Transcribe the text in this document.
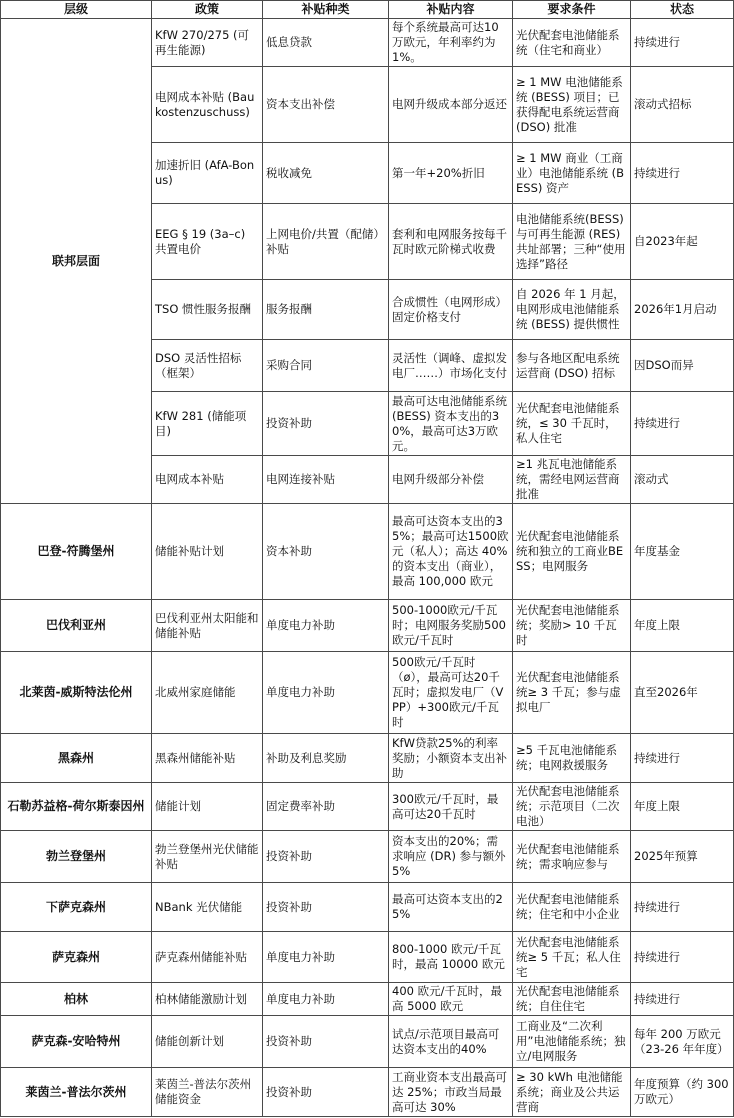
层级	政策	补贴种类	补贴内容	要求条件	状态
联邦层面	KfW 270/275 (可再生能源)	低息贷款	每个系统最高可达10万欧元，年利率约为1%。	光伏配套电池储能系统（住宅和商业）	持续进行
	电网成本补贴 (Baukostenzuschuss)	资本支出补偿	电网升级成本部分返还	≥ 1 MW 电池储能系统 (BESS) 项目；已获得配电系统运营商 (DSO) 批准	滚动式招标
	加速折旧 (AfA-Bonus)	税收减免	第一年+20%折旧	≥ 1 MW 商业（工商业）电池储能系统 (BESS) 资产	持续进行
	EEG § 19 (3a–c) 共置电价	上网电价/共置（配储）补贴	套利和电网服务按每千瓦时欧元阶梯式收费	电池储能系统(BESS) 与可再生能源 (RES) 共址部署；三种“使用选择”路径	自2023年起
	TSO 惯性服务报酬	服务报酬	合成惯性（电网形成）固定价格支付	自 2026 年 1 月起，电网形成电池储能系统 (BESS) 提供惯性	2026年1月启动
	DSO 灵活性招标（框架）	采购合同	灵活性（调峰、虚拟发电厂……）市场化支付	参与各地区配电系统运营商 (DSO) 招标	因DSO而异
	KfW 281 (储能项目)	投资补助	最高可达电池储能系统 (BESS) 资本支出的30%，最高可达3万欧元。	光伏配套电池储能系统，≤ 30 千瓦时，私人住宅	持续进行
	电网成本补贴	电网连接补贴	电网升级部分补偿	≥1 兆瓦电池储能系统，需经电网运营商批准	滚动式
巴登-符腾堡州	储能补贴计划	资本补助	最高可达资本支出的35%；最高可达1500欧元（私人）；高达 40% 的资本支出（商业），最高 100,000 欧元	光伏配套电池储能系统和独立的工商业BESS；电网服务	年度基金
巴伐利亚州	巴伐利亚州太阳能和储能补贴	单度电力补助	500-1000欧元/千瓦时；电网服务奖励500欧元/千瓦时	光伏配套电池储能系统；奖励> 10 千瓦时	年度上限
北莱茵-威斯特法伦州	北威州家庭储能	单度电力补助	500欧元/千瓦时（ø），最高可达20千瓦时；虚拟发电厂（VPP）+300欧元/千瓦时	光伏配套电池储能系统≥ 3 千瓦；参与虚拟电厂	直至2026年
黑森州	黑森州储能补贴	补助及利息奖励	KfW贷款25%的利率奖励；小额资本支出补助	≥5 千瓦电池储能系统；电网救援服务	持续进行
石勒苏益格-荷尔斯泰因州	储能计划	固定费率补助	300欧元/千瓦时，最高可达20千瓦时	光伏配套电池储能系统；示范项目（二次电池）	年度上限
勃兰登堡州	勃兰登堡州光伏储能补贴	投资补助	资本支出的20%；需求响应 (DR) 参与额外 5%	光伏配套电池储能系统；需求响应参与	2025年预算
下萨克森州	NBank 光伏储能	投资补助	最高可达资本支出的25%	光伏配套电池储能系统；住宅和中小企业	持续进行
萨克森州	萨克森州储能补贴	单度电力补助	800-1000 欧元/千瓦时，最高 10000 欧元	光伏配套电池储能系统≥ 5 千瓦；私人住宅	持续进行
柏林	柏林储能激励计划	单度电力补助	400 欧元/千瓦时，最高 5000 欧元	光伏配套电池储能系统；自住住宅	持续进行
萨克森-安哈特州	储能创新计划	投资补助	试点/示范项目最高可达资本支出的40%	工商业及“二次利用”电池储能系统；独立/电网服务	每年 200 万欧元（23-26 年年度）
莱茵兰-普法尔茨州	莱茵兰-普法尔茨州储能资金	投资补助	工商业资本支出最高可达 25%；市政当局最高可达 30%	≥ 30 kWh 电池储能系统；商业及公共运营商	年度预算（约 300 万欧元）
